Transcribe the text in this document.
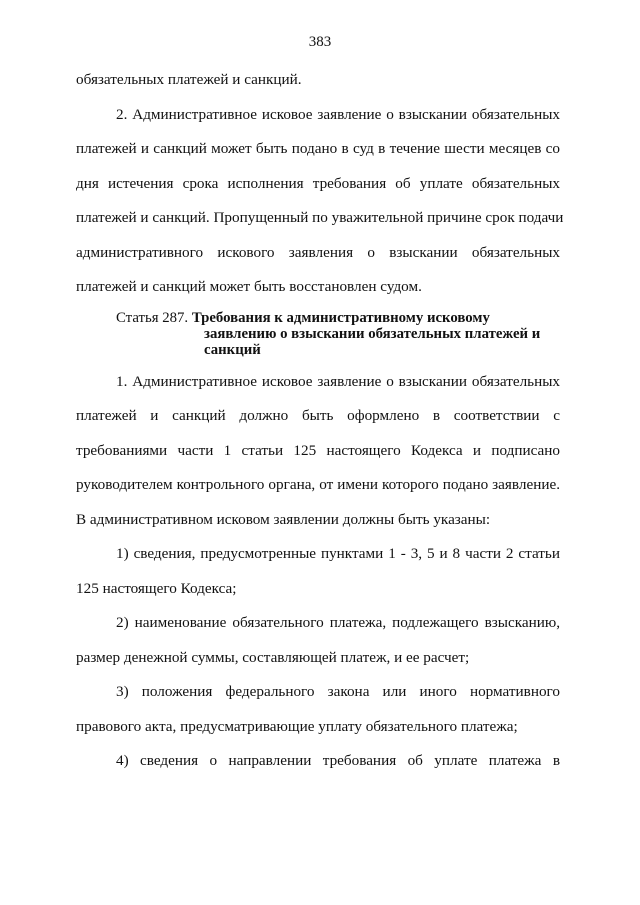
383
обязательных платежей и санкций.
2. Административное исковое заявление о взыскании обязательных
платежей и санкций может быть подано в суд в течение шести месяцев со
дня истечения срока исполнения требования об уплате обязательных
платежей и санкций. Пропущенный по уважительной причине срок подачи
административного искового заявления о взыскании обязательных
платежей и санкций может быть восстановлен судом.
Статья 287. Требования к административному исковому
заявлению о взыскании обязательных платежей и
санкций
1. Административное исковое заявление о взыскании обязательных
платежей и санкций должно быть оформлено в соответствии с
требованиями части 1 статьи 125 настоящего Кодекса и подписано
руководителем контрольного органа, от имени которого подано заявление.
В административном исковом заявлении должны быть указаны:
1) сведения, предусмотренные пунктами 1 - 3, 5 и 8 части 2 статьи
125 настоящего Кодекса;
2) наименование обязательного платежа, подлежащего взысканию,
размер денежной суммы, составляющей платеж, и ее расчет;
3) положения федерального закона или иного нормативного
правового акта, предусматривающие уплату обязательного платежа;
4) сведения о направлении требования об уплате платежа в
